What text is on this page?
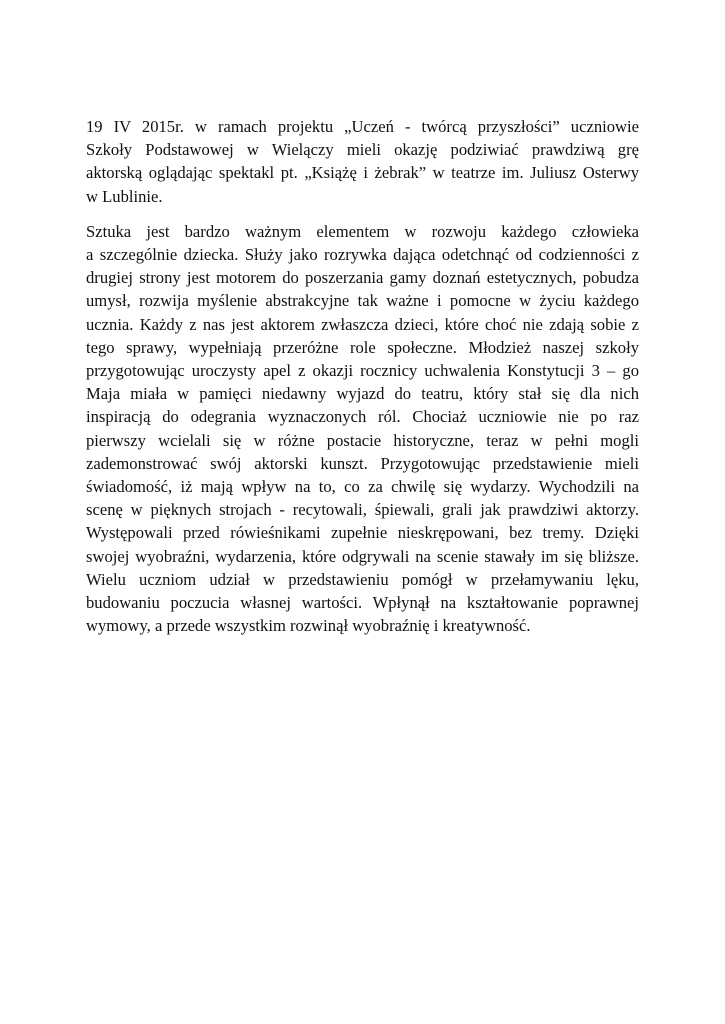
19 IV 2015r. w ramach projektu „Uczeń - twórcą przyszłości” uczniowie
Szkoły Podstawowej w Wielączy mieli okazję podziwiać prawdziwą grę
aktorską oglądając spektakl pt. „Książę i żebrak” w teatrze im. Juliusz Osterwy
w Lublinie.

Sztuka jest bardzo ważnym elementem w rozwoju każdego człowieka
a szczególnie dziecka. Służy jako rozrywka dająca odetchnąć od codzienności z
drugiej strony jest motorem do poszerzania gamy doznań estetycznych, pobudza
umysł, rozwija myślenie abstrakcyjne tak ważne i pomocne w życiu każdego
ucznia. Każdy z nas jest aktorem zwłaszcza dzieci, które choć nie zdają sobie z
tego sprawy, wypełniają przeróżne role społeczne. Młodzież naszej szkoły
przygotowując uroczysty apel z okazji rocznicy uchwalenia Konstytucji 3 – go
Maja miała w pamięci niedawny wyjazd do teatru, który stał się dla nich
inspiracją do odegrania wyznaczonych ról. Chociaż uczniowie nie po raz
pierwszy wcielali się w różne postacie historyczne, teraz w pełni mogli
zademonstrować swój aktorski kunszt. Przygotowując przedstawienie mieli
świadomość, iż mają wpływ na to, co za chwilę się wydarzy. Wychodzili na
scenę w pięknych strojach - recytowali, śpiewali, grali jak prawdziwi aktorzy.
Występowali przed rówieśnikami zupełnie nieskrępowani, bez tremy. Dzięki
swojej wyobraźni, wydarzenia, które odgrywali na scenie stawały im się bliższe.
Wielu uczniom udział w przedstawieniu pomógł w przełamywaniu lęku,
budowaniu poczucia własnej wartości. Wpłynął na kształtowanie poprawnej
wymowy, a przede wszystkim rozwinął wyobraźnię i kreatywność.
